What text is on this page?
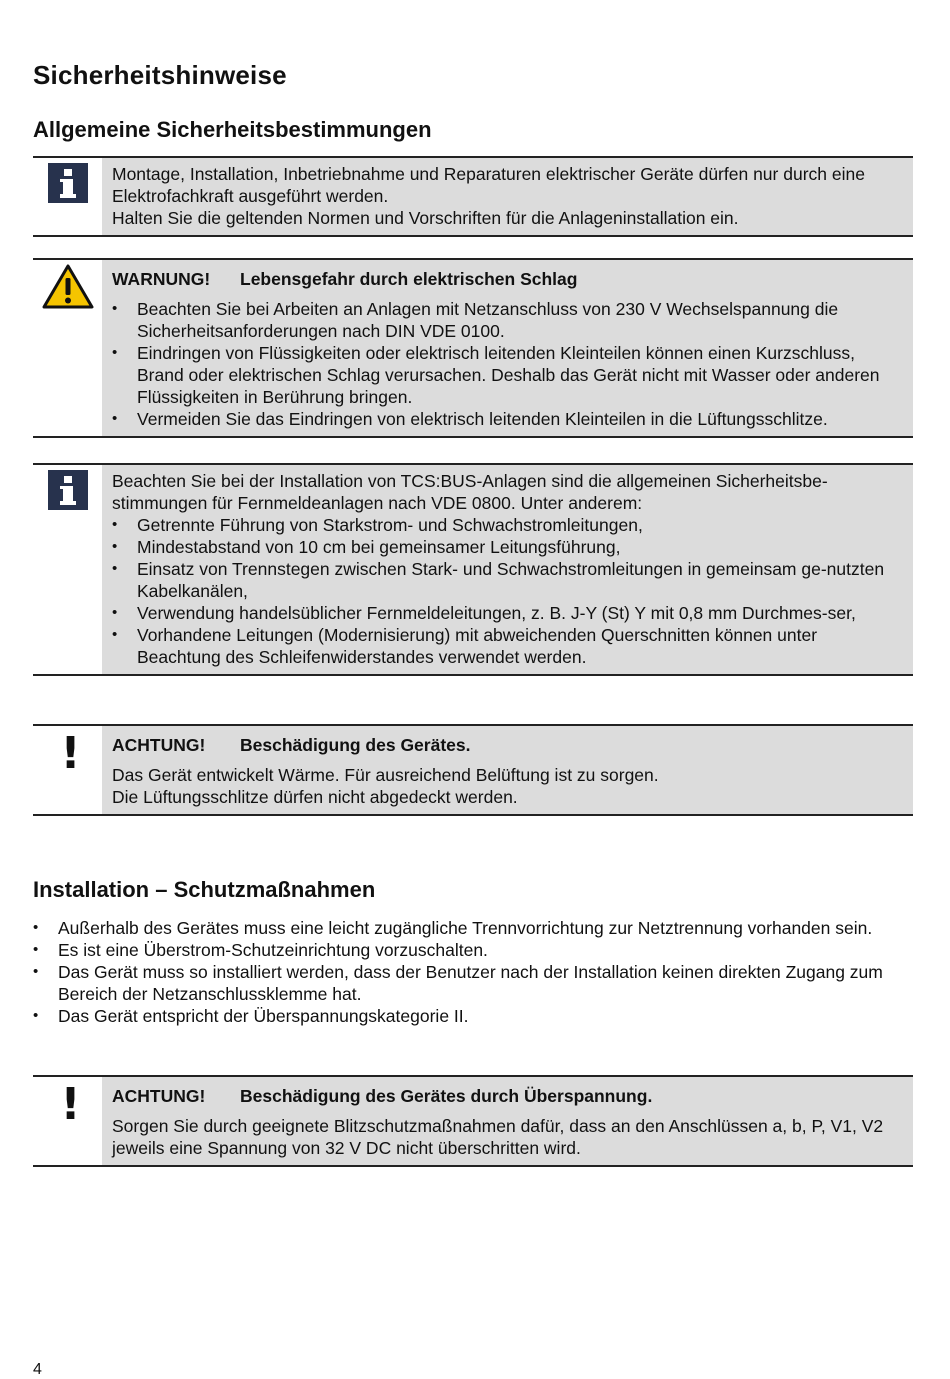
Sicherheitshinweise
Allgemeine Sicherheitsbestimmungen

Montage, Installation, Inbetriebnahme und Reparaturen elektrischer Geräte dürfen nur durch eine Elektrofachkraft ausgeführt werden.

Halten Sie die geltenden Normen und Vorschriften für die Anlageninstallation ein.

WARNUNG! Lebensgefahr durch elektrischen Schlag
• Beachten Sie bei Arbeiten an Anlagen mit Netzanschluss von 230 V Wechselspannung die Sicherheitsanforderungen nach DIN VDE 0100.
• Eindringen von Flüssigkeiten oder elektrisch leitenden Kleinteilen können einen Kurzschluss, Brand oder elektrischen Schlag verursachen. Deshalb das Gerät nicht mit Wasser oder anderen Flüssigkeiten in Berührung bringen.
• Vermeiden Sie das Eindringen von elektrisch leitenden Kleinteilen in die Lüftungsschlitze.

Beachten Sie bei der Installation von TCS:BUS-Anlagen sind die allgemeinen Sicherheitsbe-stimmungen für Fernmeldeanlagen nach VDE 0800. Unter anderem:

• Getrennte Führung von Starkstrom- und Schwachstromleitungen,
• Mindestabstand von 10 cm bei gemeinsamer Leitungsführung,
• Einsatz von Trennstegen zwischen Stark- und Schwachstromleitungen in gemeinsam ge-nutzten Kabelkanälen,
• Verwendung handelsüblicher Fernmeldeleitungen, z. B. J-Y (St) Y mit 0,8 mm Durchmes-ser,
• Vorhandene Leitungen (Modernisierung) mit abweichenden Querschnitten können unter Beachtung des Schleifenwiderstandes verwendet werden.
! ACHTUNG! Beschädigung des Gerätes.

Das Gerät entwickelt Wärme. Für ausreichend Belüftung ist zu sorgen.

Die Lüftungsschlitze dürfen nicht abgedeckt werden.

Installation – Schutzmaßnahmen
• Außerhalb des Gerätes muss eine leicht zugängliche Trennvorrichtung zur Netztrennung vorhanden sein.
• Es ist eine Überstrom-Schutzeinrichtung vorzuschalten.
• Das Gerät muss so installiert werden, dass der Benutzer nach der Installation keinen direkten Zugang zum Bereich der Netzanschlussklemme hat.
• Das Gerät entspricht der Überspannungskategorie II.
! ACHTUNG! Beschädigung des Gerätes durch Überspannung.

Sorgen Sie durch geeignete Blitzschutzmaßnahmen dafür, dass an den Anschlüssen a, b, P, V1, V2 jeweils eine Spannung von 32 V DC nicht überschritten wird.

4
